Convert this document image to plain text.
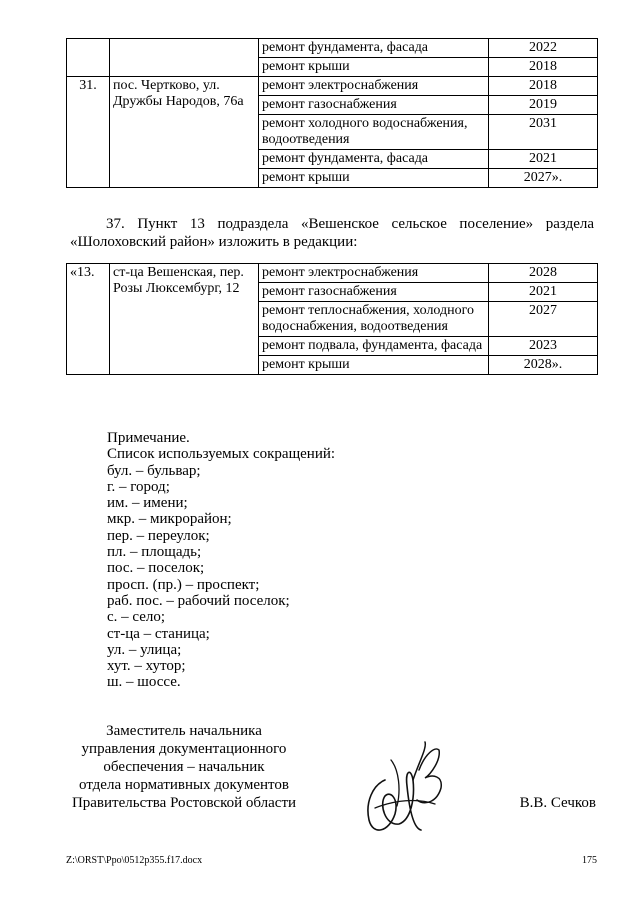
		ремонт фундамента, фасада	2022
		ремонт крыши	2018
31.	пос. Чертково, ул. Дружбы Народов, 76а	ремонт электроснабжения	2018
		ремонт газоснабжения	2019
		ремонт холодного водоснабжения, водоотведения	2031
		ремонт фундамента, фасада	2021
		ремонт крыши	2027».
37. Пункт 13 подраздела «Вешенское сельское поселение» раздела «Шолоховский район» изложить в редакции:
«13.	ст-ца Вешенская, пер. Розы Люксембург, 12	ремонт электроснабжения	2028
		ремонт газоснабжения	2021
		ремонт теплоснабжения, холодного водоснабжения, водоотведения	2027
		ремонт подвала, фундамента, фасада	2023
		ремонт крыши	2028».
Примечание.
Список используемых сокращений:
бул. – бульвар;
г. – город;
им. – имени;
мкр. – микрорайон;
пер. – переулок;
пл. – площадь;
пос. – поселок;
просп. (пр.) – проспект;
раб. пос. – рабочий поселок;
с. – село;
ст-ца – станица;
ул. – улица;
хут. – хутор;
ш. – шоссе.
Заместитель начальника
управления документационного
обеспечения – начальник
отдела нормативных документов
Правительства Ростовской области	В.В. Сечков
Z:\ORST\Ppo\0512p355.f17.docx	175
